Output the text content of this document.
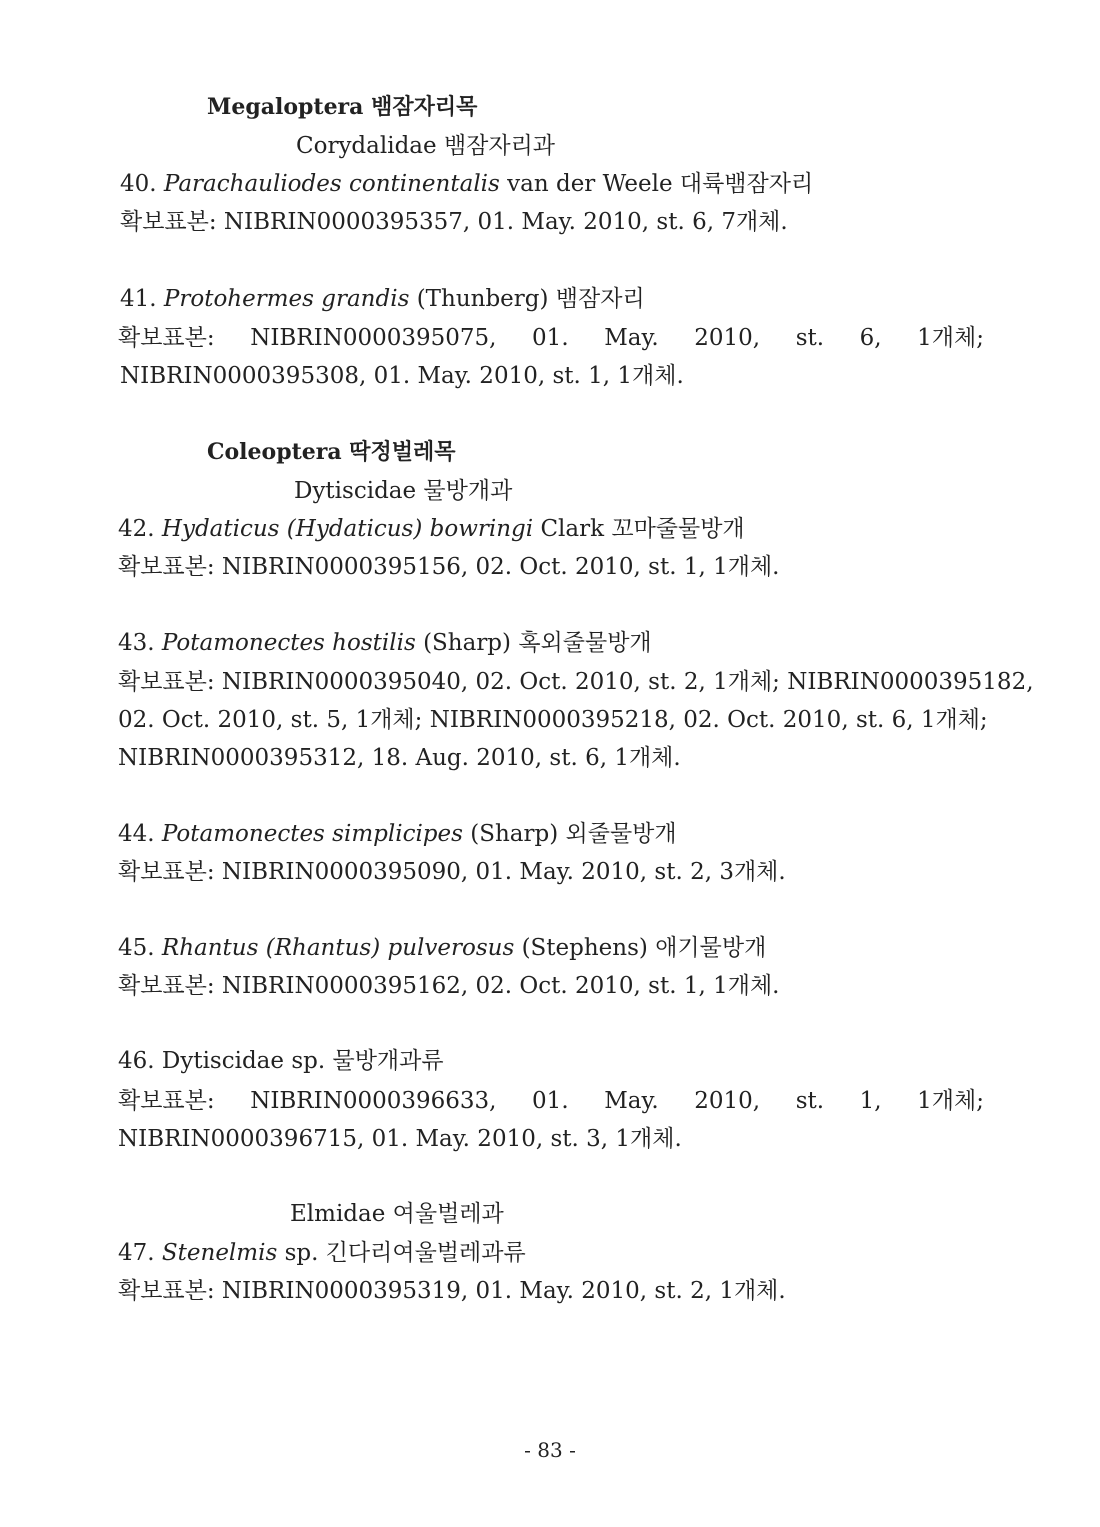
Megaloptera 뱀잠자리목
Corydalidae 뱀잠자리과
40. Parachauliodes continentalis van der Weele 대륙뱀잠자리
확보표본: NIBRIN0000395357, 01. May. 2010, st. 6, 7개체.
41. Protohermes grandis (Thunberg) 뱀잠자리
확보표본: NIBRIN0000395075, 01. May. 2010, st. 6, 1개체;
NIBRIN0000395308, 01. May. 2010, st. 1, 1개체.
Coleoptera 딱정벌레목
Dytiscidae 물방개과
42. Hydaticus (Hydaticus) bowringi Clark 꼬마줄물방개
확보표본: NIBRIN0000395156, 02. Oct. 2010, st. 1, 1개체.
43. Potamonectes hostilis (Sharp) 혹외줄물방개
확보표본: NIBRIN0000395040, 02. Oct. 2010, st. 2, 1개체; NIBRIN0000395182,
02. Oct. 2010, st. 5, 1개체; NIBRIN0000395218, 02. Oct. 2010, st. 6, 1개체;
NIBRIN0000395312, 18. Aug. 2010, st. 6, 1개체.
44. Potamonectes simplicipes (Sharp) 외줄물방개
확보표본: NIBRIN0000395090, 01. May. 2010, st. 2, 3개체.
45. Rhantus (Rhantus) pulverosus (Stephens) 애기물방개
확보표본: NIBRIN0000395162, 02. Oct. 2010, st. 1, 1개체.
46. Dytiscidae sp. 물방개과류
확보표본: NIBRIN0000396633, 01. May. 2010, st. 1, 1개체;
NIBRIN0000396715, 01. May. 2010, st. 3, 1개체.
Elmidae 여울벌레과
47. Stenelmis sp. 긴다리여울벌레과류
확보표본: NIBRIN0000395319, 01. May. 2010, st. 2, 1개체.
- 83 -
